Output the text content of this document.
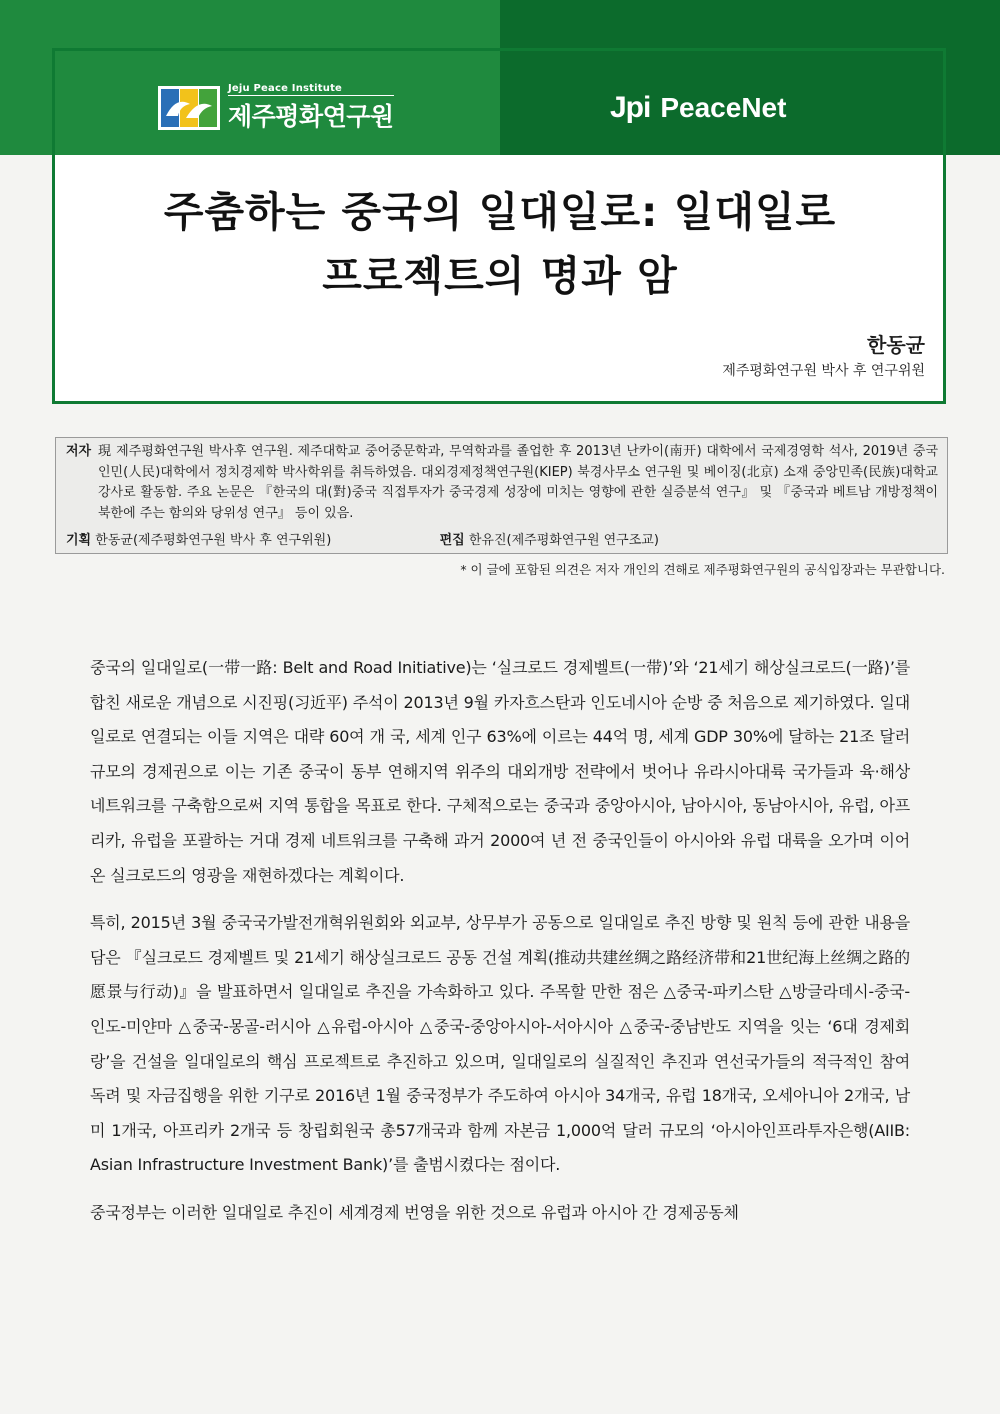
Jeju Peace Institute
제주평화연구원	Jpi PeaceNet
주춤하는 중국의 일대일로: 일대일로
프로젝트의 명과 암
한동균
제주평화연구원 박사 후 연구위원
저자 現 제주평화연구원 박사후 연구원. 제주대학교 중어중문학과, 무역학과를 졸업한 후 2013년 난카이(南开) 대학에서 국제경영학 석사, 2019년 중국인민(人民)대학에서 정치경제학 박사학위를 취득하였음. 대외경제정책연구원(KIEP) 북경사무소 연구원 및 베이징(北京) 소재 중앙민족(民族)대학교 강사로 활동함. 주요 논문은 『한국의 대(對)중국 직접투자가 중국경제 성장에 미치는 영향에 관한 실증분석 연구』 및 『중국과 베트남 개방정책이 북한에 주는 함의와 당위성 연구』 등이 있음.
기획 한동균(제주평화연구원 박사 후 연구위원)	편집 한유진(제주평화연구원 연구조교)
* 이 글에 포함된 의견은 저자 개인의 견해로 제주평화연구원의 공식입장과는 무관합니다.

중국의 일대일로(一带一路: Belt and Road Initiative)는 ‘실크로드 경제벨트(一带)’와 ‘21세기 해상실크로드(一路)’를 합친 새로운 개념으로 시진핑(习近平) 주석이 2013년 9월 카자흐스탄과 인도네시아 순방 중 처음으로 제기하였다. 일대일로로 연결되는 이들 지역은 대략 60여 개 국, 세계 인구 63%에 이르는 44억 명, 세계 GDP 30%에 달하는 21조 달러 규모의 경제권으로 이는 기존 중국이 동부 연해지역 위주의 대외개방 전략에서 벗어나 유라시아대륙 국가들과 육·해상 네트워크를 구축함으로써 지역 통합을 목표로 한다. 구체적으로는 중국과 중앙아시아, 남아시아, 동남아시아, 유럽, 아프리카, 유럽을 포괄하는 거대 경제 네트워크를 구축해 과거 2000여 년 전 중국인들이 아시아와 유럽 대륙을 오가며 이어온 실크로드의 영광을 재현하겠다는 계획이다.

특히, 2015년 3월 중국국가발전개혁위원회와 외교부, 상무부가 공동으로 일대일로 추진 방향 및 원칙 등에 관한 내용을 담은 『실크로드 경제벨트 및 21세기 해상실크로드 공동 건설 계획(推动共建丝绸之路经济带和21世纪海上丝绸之路的愿景与行动)』을 발표하면서 일대일로 추진을 가속화하고 있다. 주목할 만한 점은 △중국-파키스탄 △방글라데시-중국-인도-미얀마 △중국-몽골-러시아 △유럽-아시아 △중국-중앙아시아-서아시아 △중국-중남반도 지역을 잇는 ‘6대 경제회랑’을 건설을 일대일로의 핵심 프로젝트로 추진하고 있으며, 일대일로의 실질적인 추진과 연선국가들의 적극적인 참여 독려 및 자금집행을 위한 기구로 2016년 1월 중국정부가 주도하여 아시아 34개국, 유럽 18개국, 오세아니아 2개국, 남미 1개국, 아프리카 2개국 등 창립회원국 총57개국과 함께 자본금 1,000억 달러 규모의 ‘아시아인프라투자은행(AIIB: Asian Infrastructure Investment Bank)’를 출범시켰다는 점이다.

중국정부는 이러한 일대일로 추진이 세계경제 번영을 위한 것으로 유럽과 아시아 간 경제공동체
